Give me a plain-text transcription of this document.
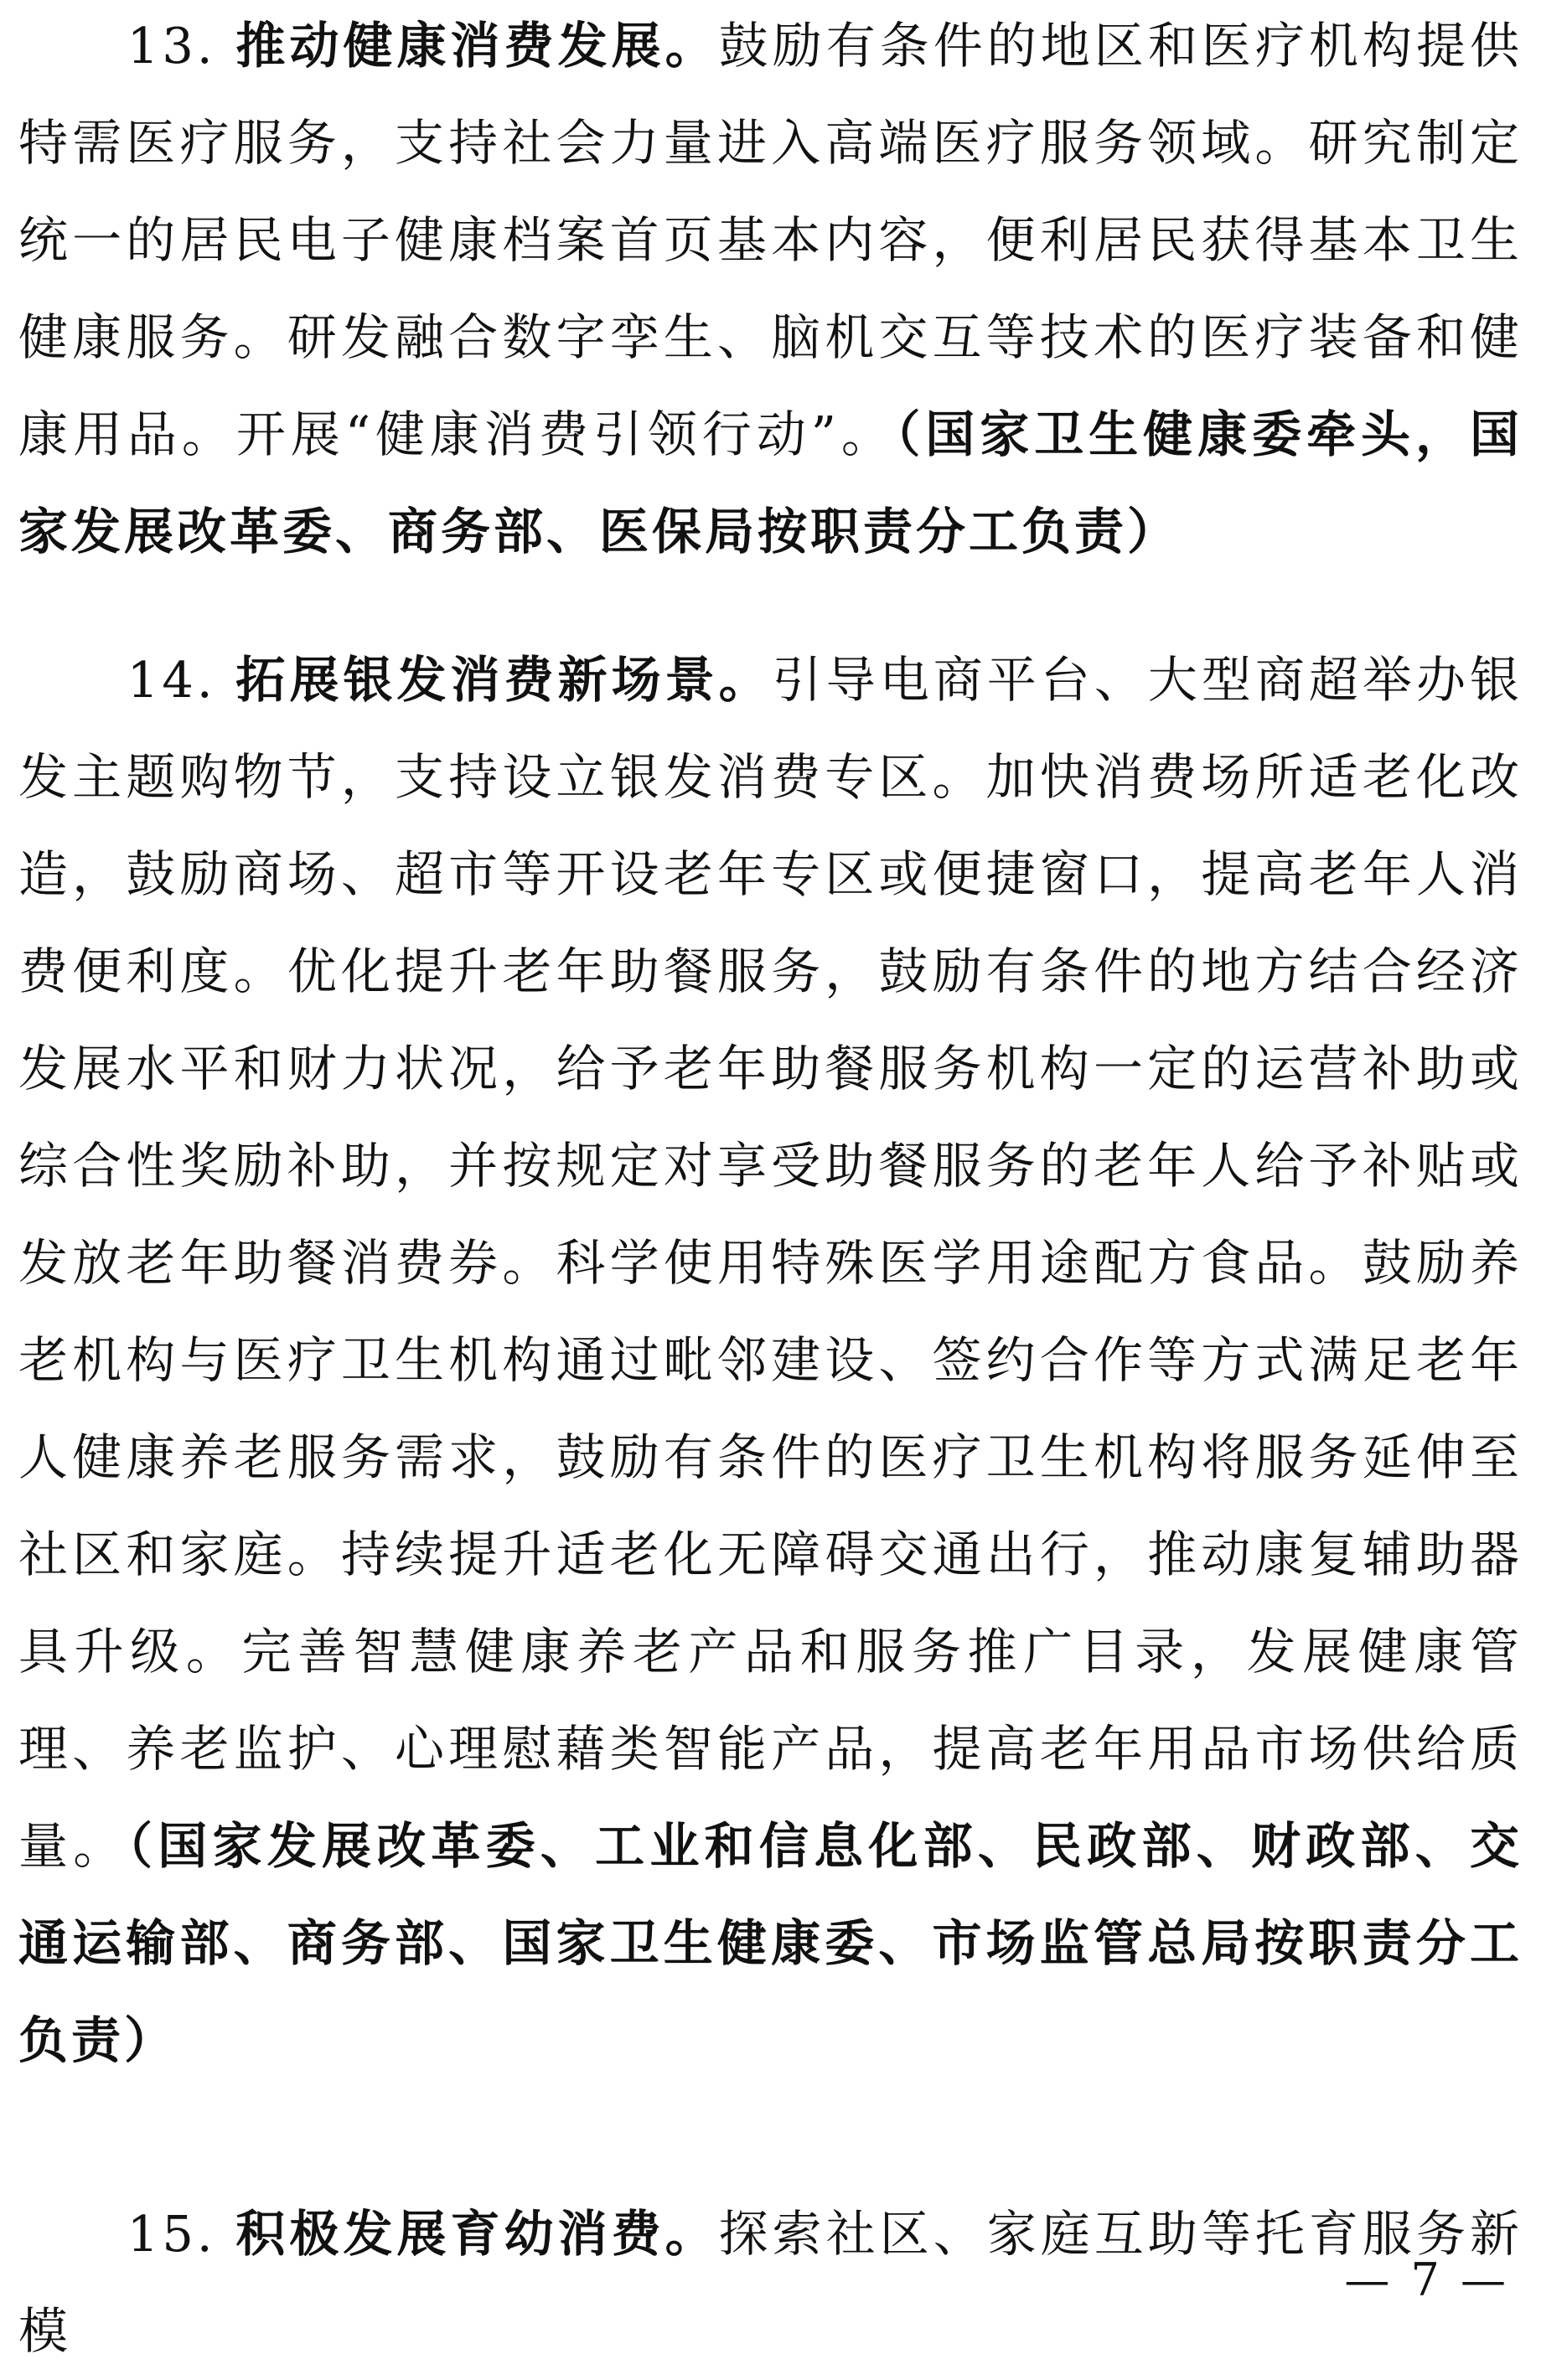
13. 推动健康消费发展。鼓励有条件的地区和医疗机构提供特需医疗服务，支持社会力量进入高端医疗服务领域。研究制定统一的居民电子健康档案首页基本内容，便利居民获得基本卫生健康服务。研发融合数字孪生、脑机交互等技术的医疗装备和健康用品。开展“健康消费引领行动”。（国家卫生健康委牵头，国家发展改革委、商务部、医保局按职责分工负责）

14. 拓展银发消费新场景。引导电商平台、大型商超举办银发主题购物节，支持设立银发消费专区。加快消费场所适老化改造，鼓励商场、超市等开设老年专区或便捷窗口，提高老年人消费便利度。优化提升老年助餐服务，鼓励有条件的地方结合经济发展水平和财力状况，给予老年助餐服务机构一定的运营补助或综合性奖励补助，并按规定对享受助餐服务的老年人给予补贴或发放老年助餐消费券。科学使用特殊医学用途配方食品。鼓励养老机构与医疗卫生机构通过毗邻建设、签约合作等方式满足老年人健康养老服务需求，鼓励有条件的医疗卫生机构将服务延伸至社区和家庭。持续提升适老化无障碍交通出行，推动康复辅助器具升级。完善智慧健康养老产品和服务推广目录，发展健康管理、养老监护、心理慰藉类智能产品，提高老年用品市场供给质量。（国家发展改革委、工业和信息化部、民政部、财政部、交通运输部、商务部、国家卫生健康委、市场监管总局按职责分工负责）

15. 积极发展育幼消费。探索社区、家庭互助等托育服务新模

— 7 —
